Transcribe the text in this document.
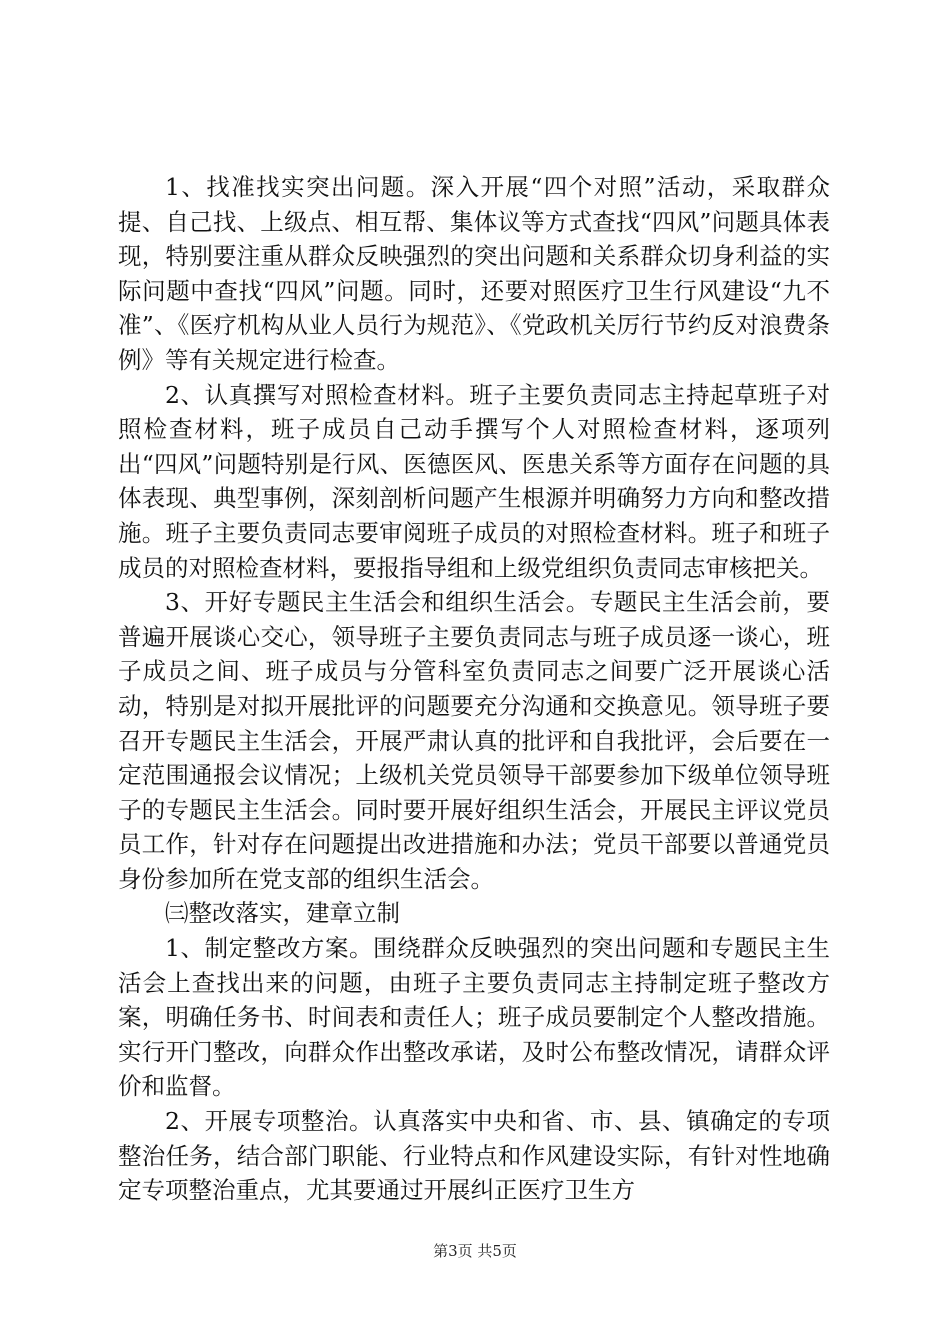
1、找准找实突出问题。深入开展“四个对照”活动，采取群众提、自己找、上级点、相互帮、集体议等方式查找“四风”问题具体表现，特别要注重从群众反映强烈的突出问题和关系群众切身利益的实际问题中查找“四风”问题。同时，还要对照医疗卫生行风建设“九不准”、《医疗机构从业人员行为规范》、《党政机关厉行节约反对浪费条例》等有关规定进行检查。

2、认真撰写对照检查材料。班子主要负责同志主持起草班子对照检查材料，班子成员自己动手撰写个人对照检查材料，逐项列出“四风”问题特别是行风、医德医风、医患关系等方面存在问题的具体表现、典型事例，深刻剖析问题产生根源并明确努力方向和整改措施。班子主要负责同志要审阅班子成员的对照检查材料。班子和班子成员的对照检查材料，要报指导组和上级党组织负责同志审核把关。

3、开好专题民主生活会和组织生活会。专题民主生活会前，要普遍开展谈心交心，领导班子主要负责同志与班子成员逐一谈心，班子成员之间、班子成员与分管科室负责同志之间要广泛开展谈心活动，特别是对拟开展批评的问题要充分沟通和交换意见。领导班子要召开专题民主生活会，开展严肃认真的批评和自我批评，会后要在一定范围通报会议情况；上级机关党员领导干部要参加下级单位领导班子的专题民主生活会。同时要开展好组织生活会，开展民主评议党员员工作，针对存在问题提出改进措施和办法；党员干部要以普通党员身份参加所在党支部的组织生活会。

㈢整改落实，建章立制

1、制定整改方案。围绕群众反映强烈的突出问题和专题民主生活会上查找出来的问题，由班子主要负责同志主持制定班子整改方案，明确任务书、时间表和责任人；班子成员要制定个人整改措施。实行开门整改，向群众作出整改承诺，及时公布整改情况，请群众评价和监督。

2、开展专项整治。认真落实中央和省、市、县、镇确定的专项整治任务，结合部门职能、行业特点和作风建设实际，有针对性地确定专项整治重点，尤其要通过开展纠正医疗卫生方

第3页 共5页
